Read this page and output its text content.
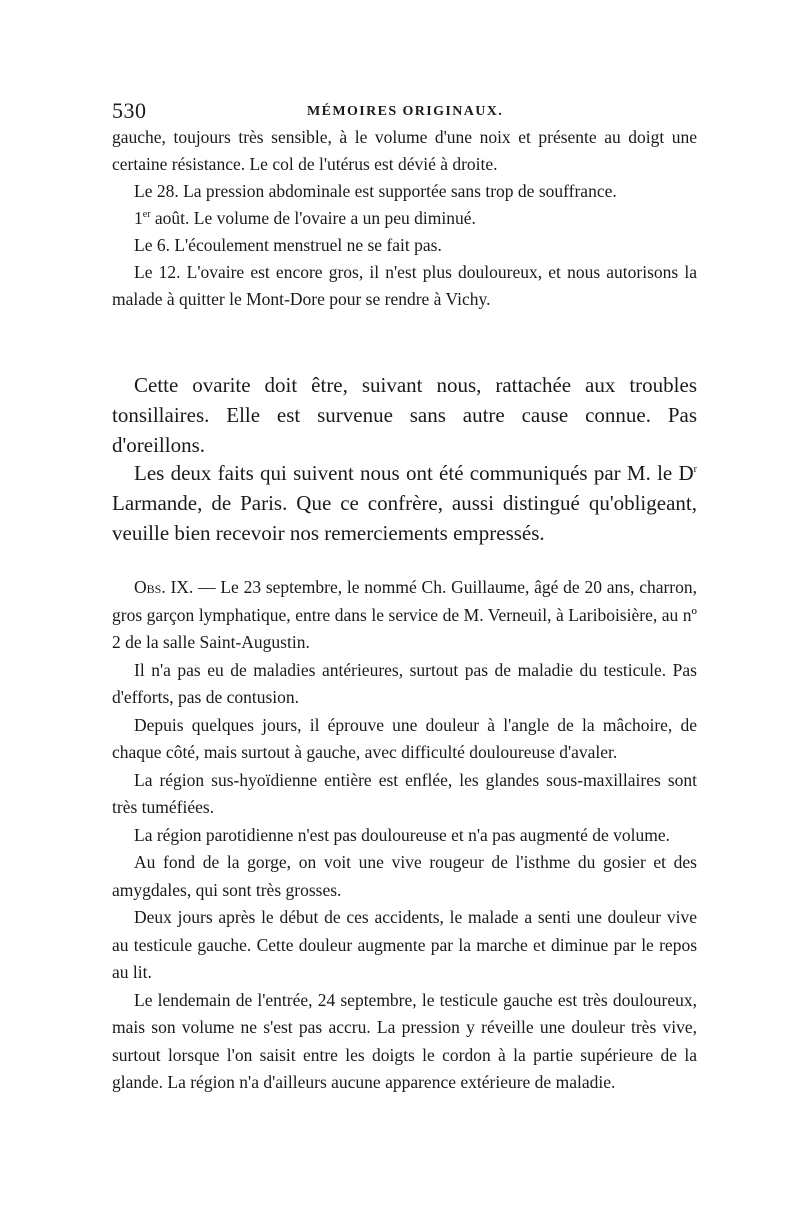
530	MÉMOIRES ORIGINAUX.

gauche, toujours très sensible, à le volume d'une noix et présente au doigt une certaine résistance. Le col de l'utérus est dévié à droite.

Le 28. La pression abdominale est supportée sans trop de souffrance.

1er août. Le volume de l'ovaire a un peu diminué.

Le 6. L'écoulement menstruel ne se fait pas.

Le 12. L'ovaire est encore gros, il n'est plus douloureux, et nous autorisons la malade à quitter le Mont-Dore pour se rendre à Vichy.

Cette ovarite doit être, suivant nous, rattachée aux troubles tonsillaires. Elle est survenue sans autre cause connue. Pas d'oreillons.

Les deux faits qui suivent nous ont été communiqués par M. le $D^r$ Larmande, de Paris. Que ce confrère, aussi distingué qu'obligeant, veuille bien recevoir nos remerciements empressés.

Obs. IX. — Le 23 septembre, le nommé Ch. Guillaume, âgé de 20 ans, charron, gros garçon lymphatique, entre dans le service de M. Verneuil, à Lariboisière, au nº 2 de la salle Saint-Augustin.

Il n'a pas eu de maladies antérieures, surtout pas de maladie du testicule. Pas d'efforts, pas de contusion.

Depuis quelques jours, il éprouve une douleur à l'angle de la mâchoire, de chaque côté, mais surtout à gauche, avec difficulté douloureuse d'avaler.

La région sus-hyoïdienne entière est enflée, les glandes sous-maxillaires sont très tuméfiées.

La région parotidienne n'est pas douloureuse et n'a pas augmenté de volume.

Au fond de la gorge, on voit une vive rougeur de l'isthme du gosier et des amygdales, qui sont très grosses.

Deux jours après le début de ces accidents, le malade a senti une douleur vive au testicule gauche. Cette douleur augmente par la marche et diminue par le repos au lit.

Le lendemain de l'entrée, 24 septembre, le testicule gauche est très douloureux, mais son volume ne s'est pas accru. La pression y réveille une douleur très vive, surtout lorsque l'on saisit entre les doigts le cordon à la partie supérieure de la glande. La région n'a d'ailleurs aucune apparence extérieure de maladie.
